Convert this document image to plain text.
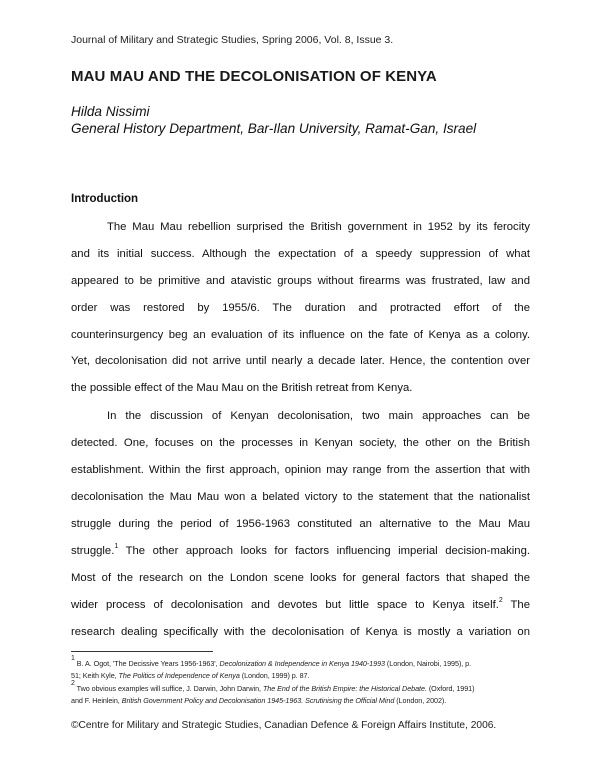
Journal of Military and Strategic Studies, Spring 2006, Vol. 8, Issue 3.
MAU MAU AND THE DECOLONISATION OF KENYA
Hilda Nissimi
General History Department, Bar-Ilan University, Ramat-Gan, Israel
Introduction
The Mau Mau rebellion surprised the British government in 1952 by its ferocity
and its initial success. Although the expectation of a speedy suppression of what
appeared to be primitive and atavistic groups without firearms was frustrated, law and
order was restored by 1955/6. The duration and protracted effort of the
counterinsurgency beg an evaluation of its influence on the fate of Kenya as a colony.
Yet, decolonisation did not arrive until nearly a decade later. Hence, the contention over
the possible effect of the Mau Mau on the British retreat from Kenya.
In the discussion of Kenyan decolonisation, two main approaches can be
detected. One, focuses on the processes in Kenyan society, the other on the British
establishment. Within the first approach, opinion may range from the assertion that with
decolonisation the Mau Mau won a belated victory to the statement that the nationalist
struggle during the period of 1956-1963 constituted an alternative to the Mau Mau
struggle.$^1$ The other approach looks for factors influencing imperial decision-making.
Most of the research on the London scene looks for general factors that shaped the
wider process of decolonisation and devotes but little space to Kenya itself.$^2$ The
research dealing specifically with the decolonisation of Kenya is mostly a variation on
$^1$ B. A. Ogot, 'The Decissive Years 1956-1963', Decolonization & Independence in Kenya 1940-1993 (London, Nairobi, 1995), p.
51; Keith Kyle, The Politics of Independence of Kenya (London, 1999) p. 87.
$^2$ Two obvious examples will suffice, J. Darwin, John Darwin, The End of the British Empire: the Historical Debate. (Oxford, 1991)
and F. Heinlein, British Government Policy and Decolonisation 1945-1963. Scrutinising the Official Mind (London, 2002).
©Centre for Military and Strategic Studies, Canadian Defence & Foreign Affairs Institute, 2006.
